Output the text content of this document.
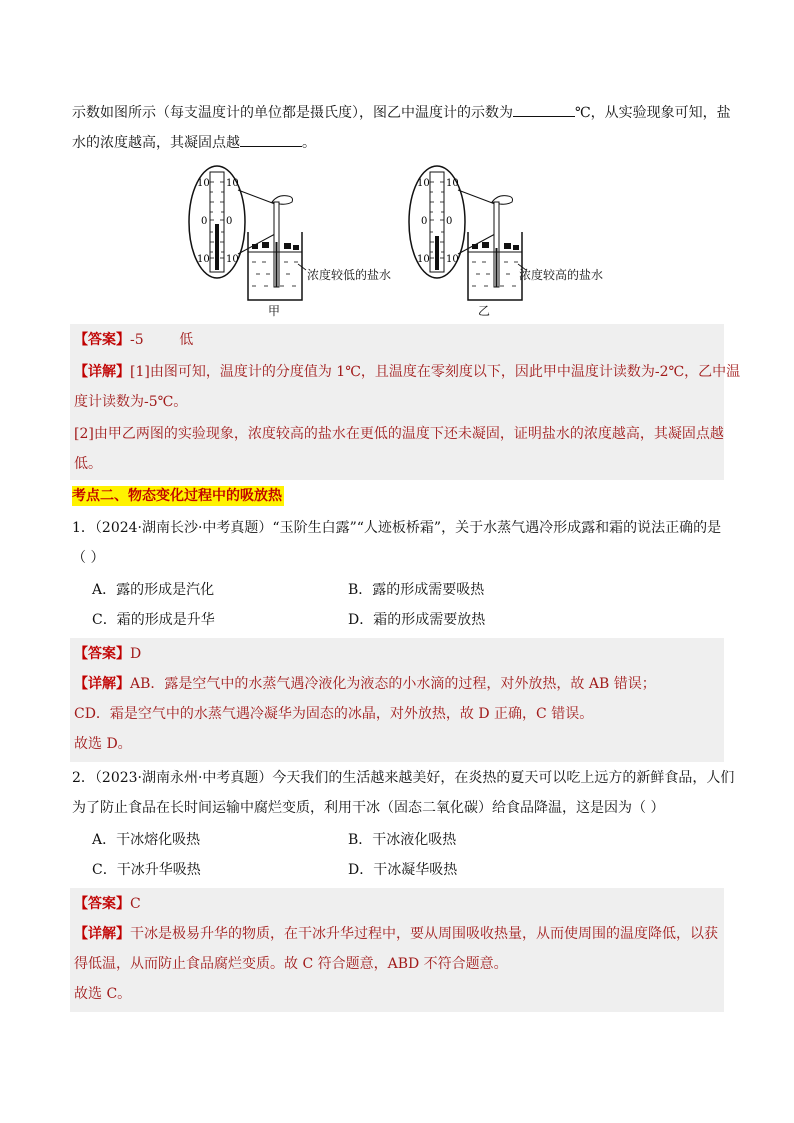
示数如图所示（每支温度计的单位都是摄氏度），图乙中温度计的示数为	℃，从实验现象可知，盐
水的浓度越高，其凝固点越	。
10 10
0 0
10 10
10 10
0 0
10 10
浓度较低的盐水
甲
浓度较高的盐水
乙
【答案】-5        低
【详解】[1]由图可知，温度计的分度值为 1℃，且温度在零刻度以下，因此甲中温度计读数为-2℃，乙中温
度计读数为-5℃。
[2]由甲乙两图的实验现象，浓度较高的盐水在更低的温度下还未凝固，证明盐水的浓度越高，其凝固点越
低。
考点二、物态变化过程中的吸放热
1．（2024·湖南长沙·中考真题）“玉阶生白露”“人迹板桥霜”，关于水蒸气遇冷形成露和霜的说法正确的是
（ ）
A．露的形成是汽化	B．露的形成需要吸热
C．霜的形成是升华	D．霜的形成需要放热
【答案】D
【详解】AB．露是空气中的水蒸气遇冷液化为液态的小水滴的过程，对外放热，故 AB 错误；
CD．霜是空气中的水蒸气遇冷凝华为固态的冰晶，对外放热，故 D 正确，C 错误。
故选 D。
2．（2023·湖南永州·中考真题）今天我们的生活越来越美好，在炎热的夏天可以吃上远方的新鲜食品，人们
为了防止食品在长时间运输中腐烂变质，利用干冰（固态二氧化碳）给食品降温，这是因为（ ）
A．干冰熔化吸热	B．干冰液化吸热
C．干冰升华吸热	D．干冰凝华吸热
【答案】C
【详解】干冰是极易升华的物质，在干冰升华过程中，要从周围吸收热量，从而使周围的温度降低，以获
得低温，从而防止食品腐烂变质。故 C 符合题意，ABD 不符合题意。
故选 C。
